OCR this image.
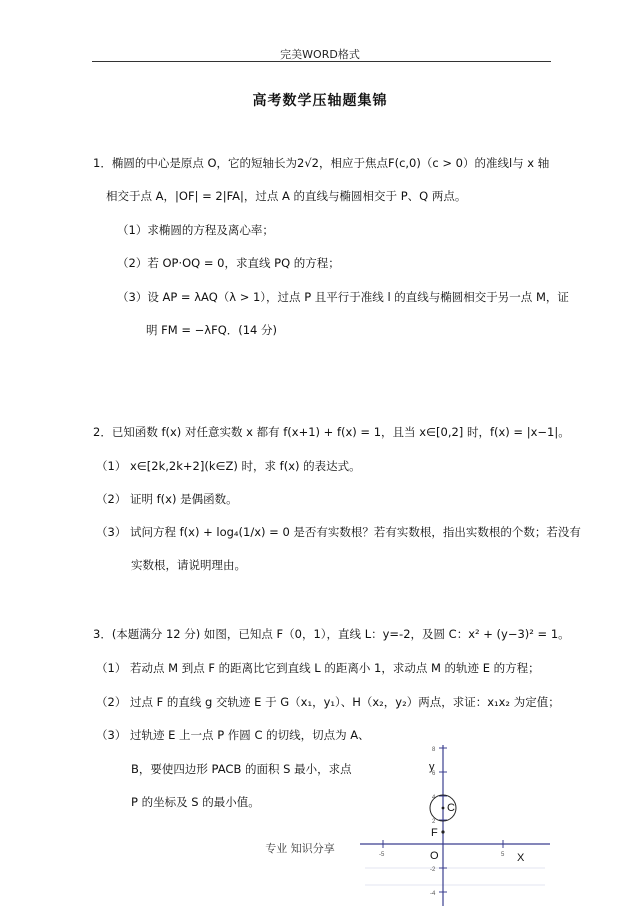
完美WORD格式
高考数学压轴题集锦
1．椭圆的中心是原点 O，它的短轴长为2√2，相应于焦点F(c,0)（c > 0）的准线l与 x 轴
相交于点 A，|OF| = 2|FA|，过点 A 的直线与椭圆相交于 P、Q 两点。
（1）求椭圆的方程及离心率；
（2）若 OP·OQ = 0，求直线 PQ 的方程；
（3）设 AP = λAQ（λ > 1），过点 P 且平行于准线 l 的直线与椭圆相交于另一点 M，证
明 FM = −λFQ．(14 分)
2．已知函数 f(x) 对任意实数 x 都有 f(x+1) + f(x) = 1，且当 x∈[0,2] 时，f(x) = |x−1|。
（1） x∈[2k,2k+2](k∈Z) 时，求 f(x) 的表达式。
（2） 证明 f(x) 是偶函数。
（3） 试问方程 f(x) + log₄(1/x) = 0 是否有实数根？若有实数根，指出实数根的个数；若没有
实数根，请说明理由。
3．(本题满分 12 分) 如图，已知点 F（0，1），直线 L：y=-2，及圆 C：x² + (y−3)² = 1。
（1） 若动点 M 到点 F 的距离比它到直线 L 的距离小 1，求动点 M 的轨迹 E 的方程；
（2） 过点 F 的直线 g 交轨迹 E 于 G（x₁，y₁）、H（x₂，y₂）两点，求证：x₁x₂ 为定值；
（3） 过轨迹 E 上一点 P 作圆 C 的切线，切点为 A、
B，要使四边形 PACB 的面积 S 最小，求点
P 的坐标及 S 的最小值。
8
6
4
2
-2
-4
-5	5
y
X
O
F
C
专业 知识分享
